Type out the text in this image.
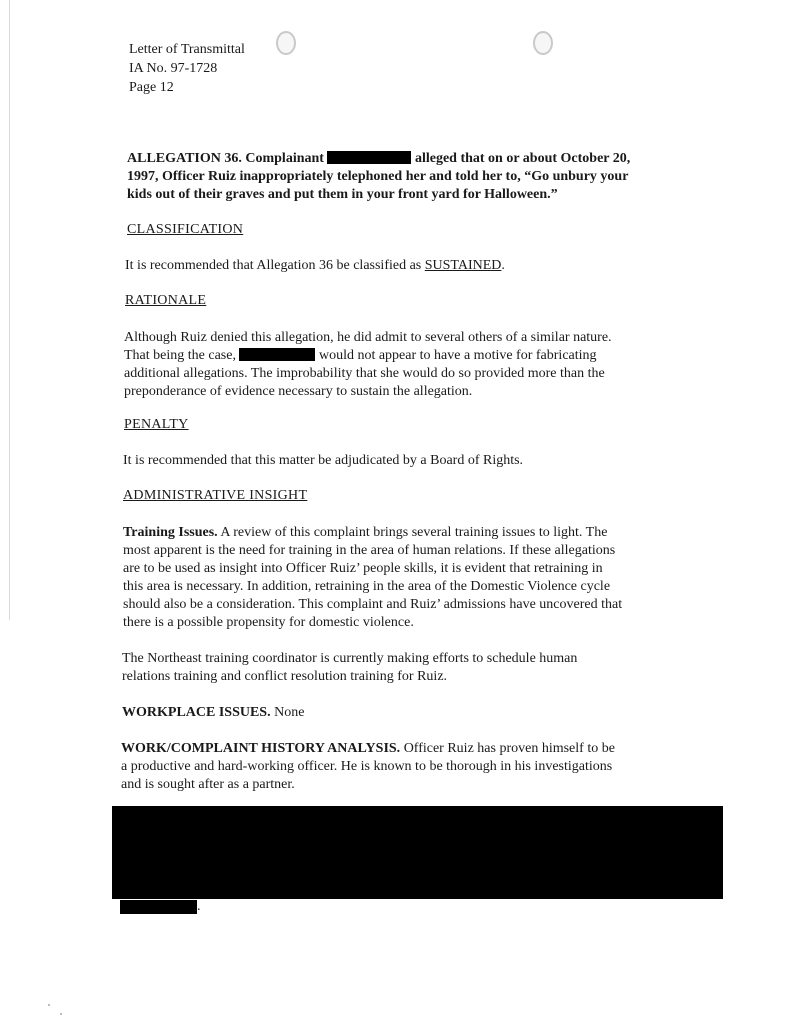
Letter of Transmittal
IA No. 97-1728
Page 12
ALLEGATION 36. Complainant	alleged that on or about October 20,
1997, Officer Ruiz inappropriately telephoned her and told her to, “Go unbury your
kids out of their graves and put them in your front yard for Halloween.”
CLASSIFICATION
It is recommended that Allegation 36 be classified as SUSTAINED.
RATIONALE
Although Ruiz denied this allegation, he did admit to several others of a similar nature.
That being the case,	would not appear to have a motive for fabricating
additional allegations. The improbability that she would do so provided more than the
preponderance of evidence necessary to sustain the allegation.
PENALTY
It is recommended that this matter be adjudicated by a Board of Rights.
ADMINISTRATIVE INSIGHT
Training Issues. A review of this complaint brings several training issues to light. The
most apparent is the need for training in the area of human relations. If these allegations
are to be used as insight into Officer Ruiz’ people skills, it is evident that retraining in
this area is necessary. In addition, retraining in the area of the Domestic Violence cycle
should also be a consideration. This complaint and Ruiz’ admissions have uncovered that
there is a possible propensity for domestic violence.
The Northeast training coordinator is currently making efforts to schedule human
relations training and conflict resolution training for Ruiz.
WORKPLACE ISSUES. None
WORK/COMPLAINT HISTORY ANALYSIS. Officer Ruiz has proven himself to be
a productive and hard-working officer. He is known to be thorough in his investigations
and is sought after as a partner.
.
